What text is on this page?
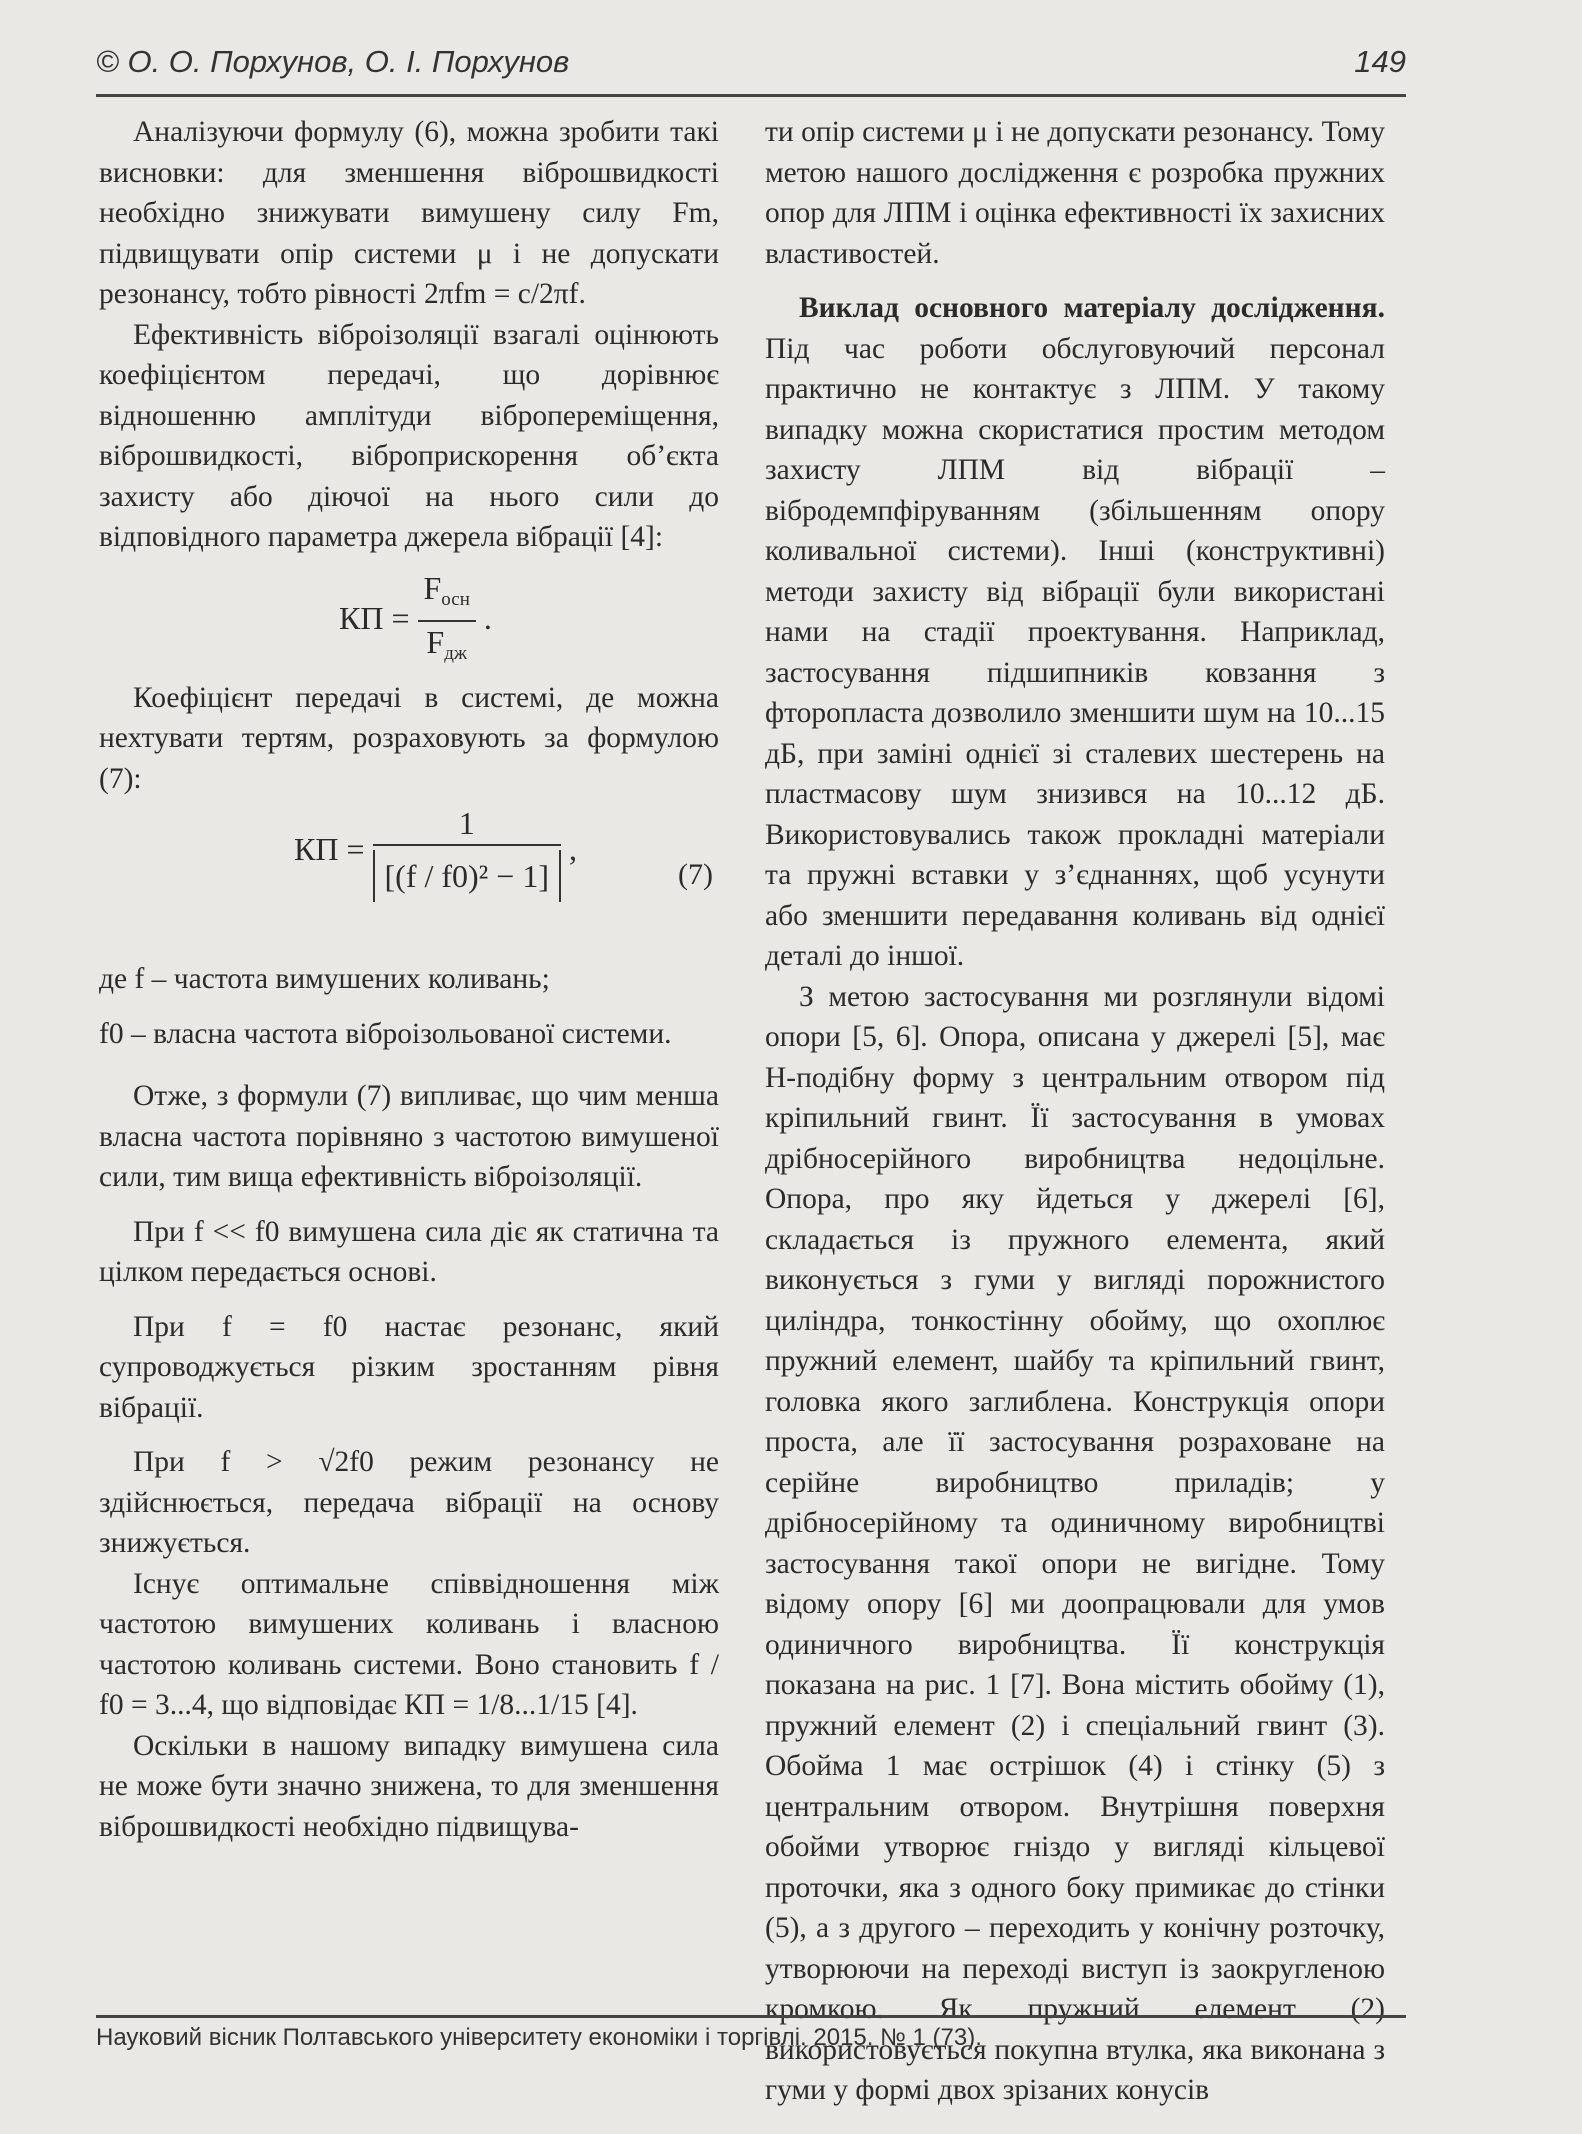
© О. О. Порхунов, О. І. Порхунов	149

Аналізуючи формулу (6), можна зробити такі висновки: для зменшення віброшвидкості необхідно знижувати вимушену силу Fm, підвищувати опір системи μ і не допускати резонансу, тобто рівності 2πfm = c/2πf.

Ефективність віброізоляції взагалі оцінюють коефіцієнтом передачі, що дорівнює відношенню амплітуди вібропереміщення, віброшвидкості, віброприскорення об’єкта захисту або діючої на нього сили до відповідного параметра джерела вібрації [4]:

КП = $\frac{F_{осн}}{F_{дж}}$ .

Коефіцієнт передачі в системі, де можна нехтувати тертям, розраховують за формулою (7):

КП = $\frac{1}{\text{[(f / f0)² − 1]}}$ ,
(7)

де f – частота вимушених коливань;

f0 – власна частота віброізольованої системи.

Отже, з формули (7) випливає, що чим менша власна частота порівняно з частотою вимушеної сили, тим вища ефективність віброізоляції.

При f << f0 вимушена сила діє як статична та цілком передається основі.

При f = f0 настає резонанс, який супроводжується різким зростанням рівня вібрації.

При f > √2f0 режим резонансу не здійснюється, передача вібрації на основу знижується.

Існує оптимальне співвідношення між частотою вимушених коливань і власною частотою коливань системи. Воно становить f / f0 = 3...4, що відповідає КП = 1/8...1/15 [4].

Оскільки в нашому випадку вимушена сила не може бути значно знижена, то для зменшення віброшвидкості необхідно підвищува-

ти опір системи μ і не допускати резонансу. Тому метою нашого дослідження є розробка пружних опор для ЛПМ і оцінка ефективності їх захисних властивостей.

Виклад основного матеріалу дослідження. Під час роботи обслуговуючий персонал практично не контактує з ЛПМ. У такому випадку можна скористатися простим методом захисту ЛПМ від вібрації – вібродемпфіруванням (збільшенням опору коливальної системи). Інші (конструктивні) методи захисту від вібрації були використані нами на стадії проектування. Наприклад, застосування підшипників ковзання з фторопласта дозволило зменшити шум на 10...15 дБ, при заміні однієї зі сталевих шестерень на пластмасову шум знизився на 10...12 дБ. Використовувались також прокладні матеріали та пружні вставки у з’єднаннях, щоб усунути або зменшити передавання коливань від однієї деталі до іншої.

З метою застосування ми розглянули відомі опори [5, 6]. Опора, описана у джерелі [5], має Н-подібну форму з центральним отвором під кріпильний гвинт. Її застосування в умовах дрібносерійного виробництва недоцільне. Опора, про яку йдеться у джерелі [6], складається із пружного елемента, який виконується з гуми у вигляді порожнистого циліндра, тонкостінну обойму, що охоплює пружний елемент, шайбу та кріпильний гвинт, головка якого заглиблена. Конструкція опори проста, але її застосування розраховане на серійне виробництво приладів; у дрібносерійному та одиничному виробництві застосування такої опори не вигідне. Тому відому опору [6] ми доопрацювали для умов одиничного виробництва. Її конструкція показана на рис. 1 [7]. Вона містить обойму (1), пружний елемент (2) і спеціальний гвинт (3). Обойма 1 має острішок (4) і стінку (5) з центральним отвором. Внутрішня поверхня обойми утворює гніздо у вигляді кільцевої проточки, яка з одного боку примикає до стінки (5), а з другого – переходить у конічну розточку, утворюючи на переході виступ із заокругленою кромкою. Як пружний елемент (2) використовується покупна втулка, яка виконана з гуми у формі двох зрізаних конусів

Науковий вісник Полтавського університету економіки і торгівлі. 2015. № 1 (73).
